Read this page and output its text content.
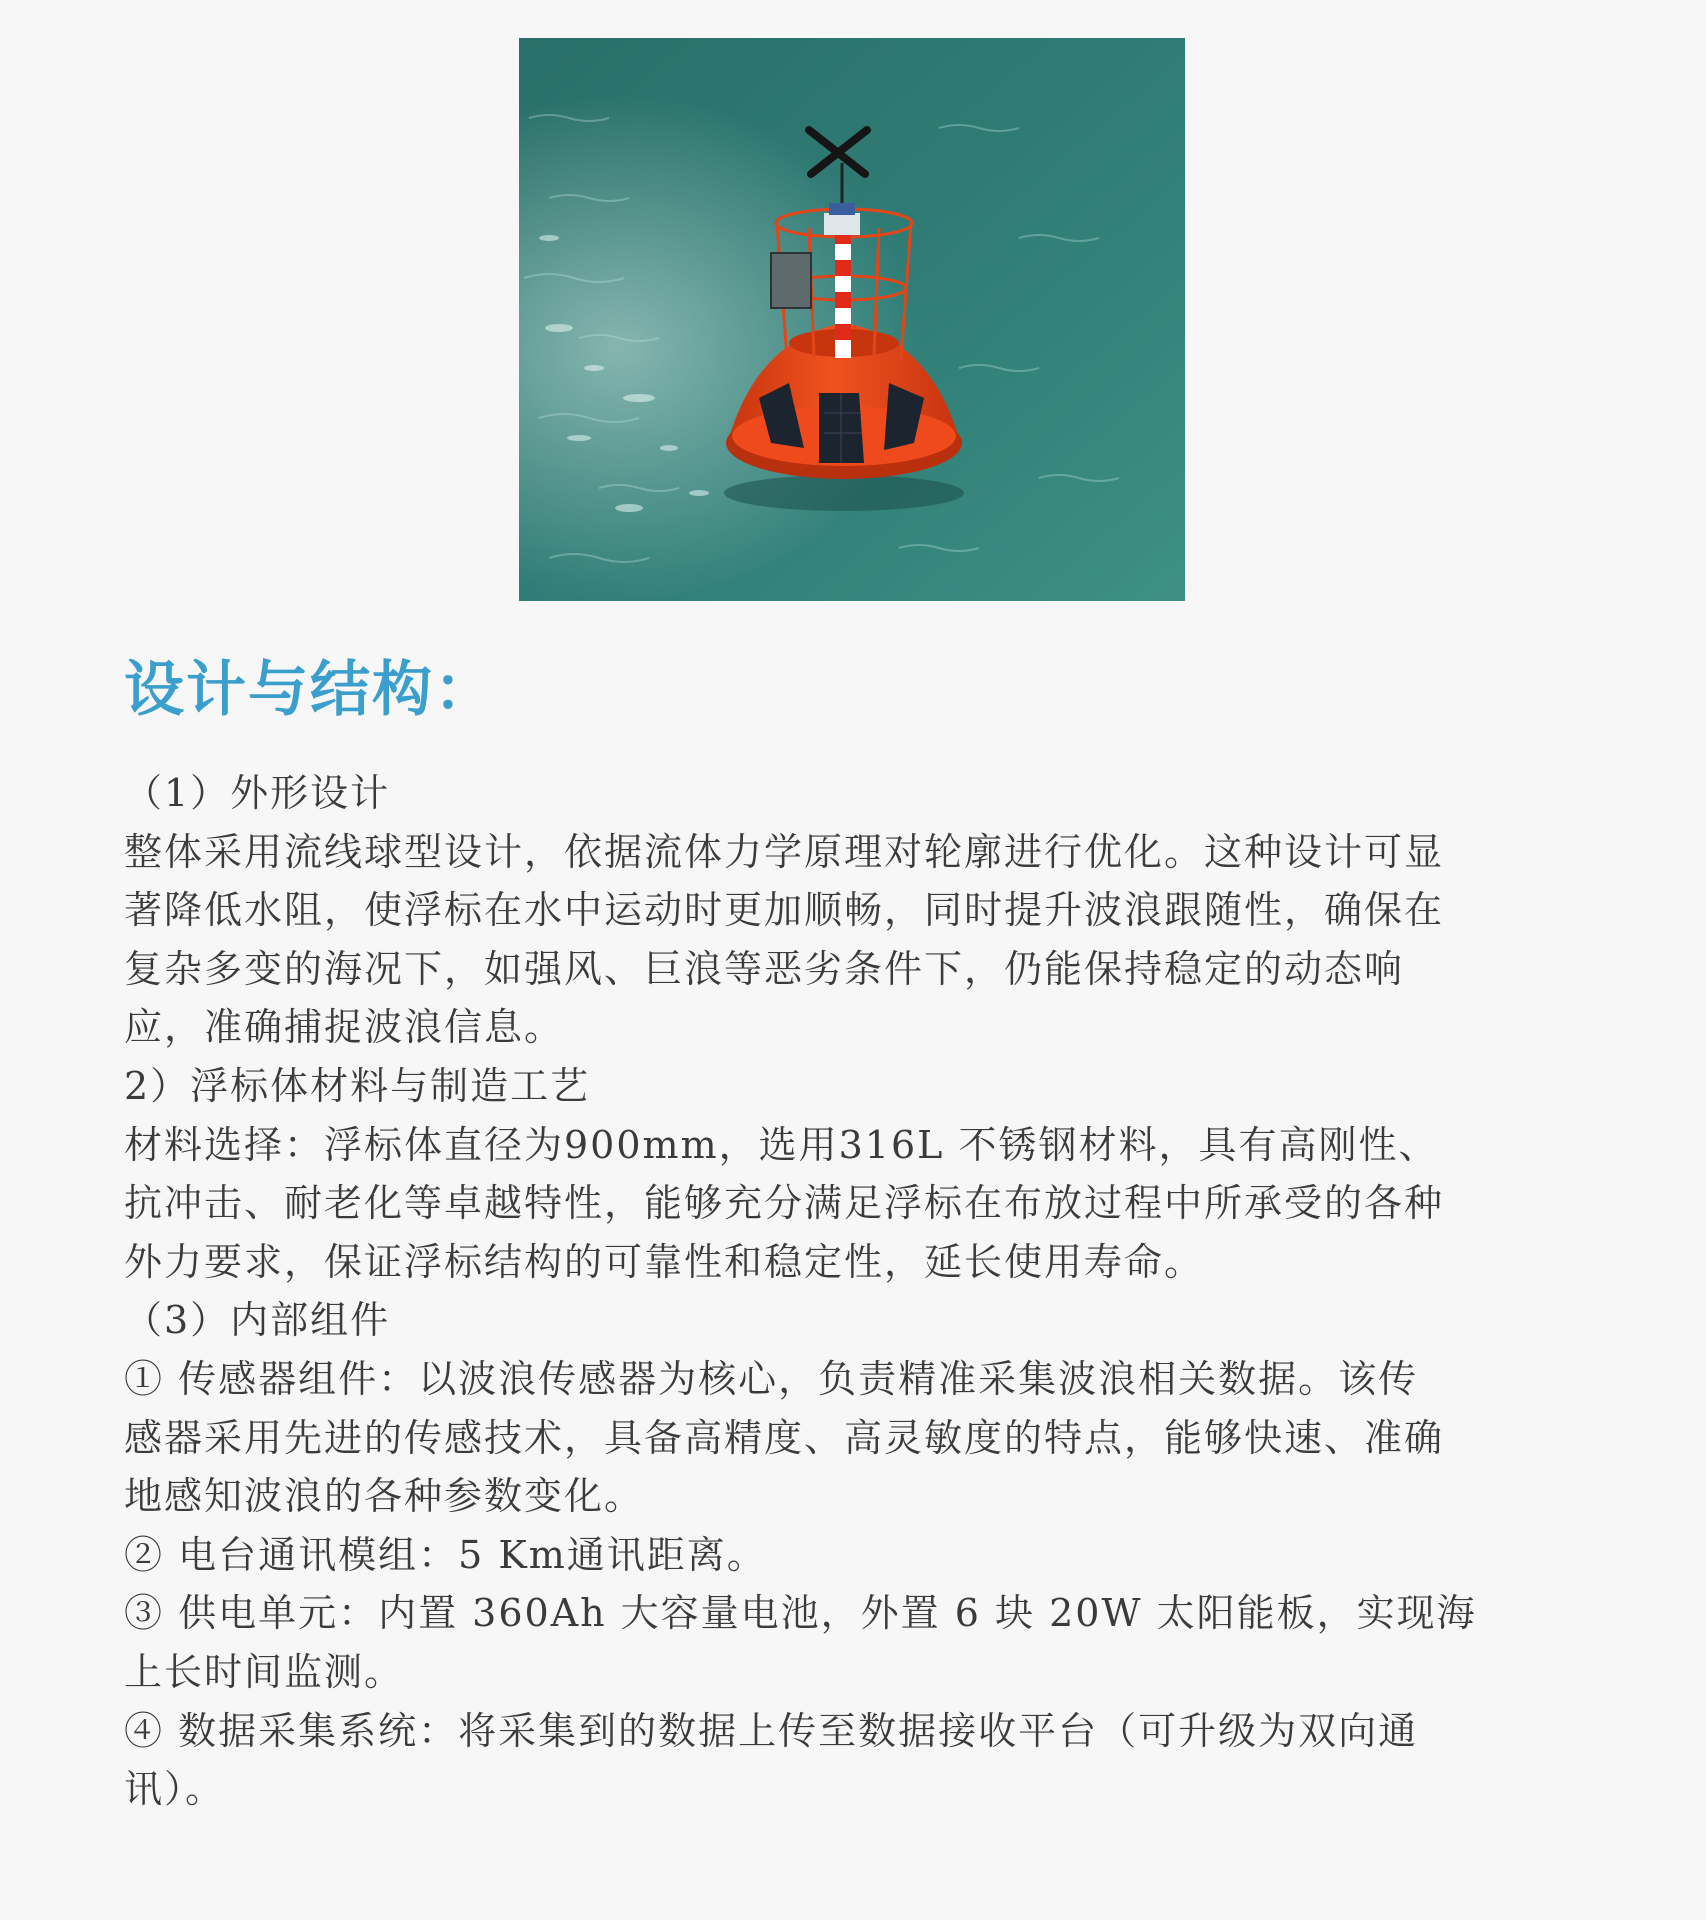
设计与结构：

（1）外形设计

整体采用流线球型设计，依据流体力学原理对轮廓进行优化。这种设计可显

著降低水阻，使浮标在水中运动时更加顺畅，同时提升波浪跟随性，确保在

复杂多变的海况下，如强风、巨浪等恶劣条件下，仍能保持稳定的动态响

应，准确捕捉波浪信息。

2）浮标体材料与制造工艺

材料选择：浮标体直径为900mm，选用316L 不锈钢材料，具有高刚性、

抗冲击、耐老化等卓越特性，能够充分满足浮标在布放过程中所承受的各种

外力要求，保证浮标结构的可靠性和稳定性，延长使用寿命。

（3）内部组件

① 传感器组件：以波浪传感器为核心，负责精准采集波浪相关数据。该传

感器采用先进的传感技术，具备高精度、高灵敏度的特点，能够快速、准确

地感知波浪的各种参数变化。

② 电台通讯模组：5 Km通讯距离。

③ 供电单元：内置 360Ah 大容量电池，外置 6 块 20W 太阳能板，实现海

上长时间监测。

④ 数据采集系统：将采集到的数据上传至数据接收平台（可升级为双向通

讯）。
